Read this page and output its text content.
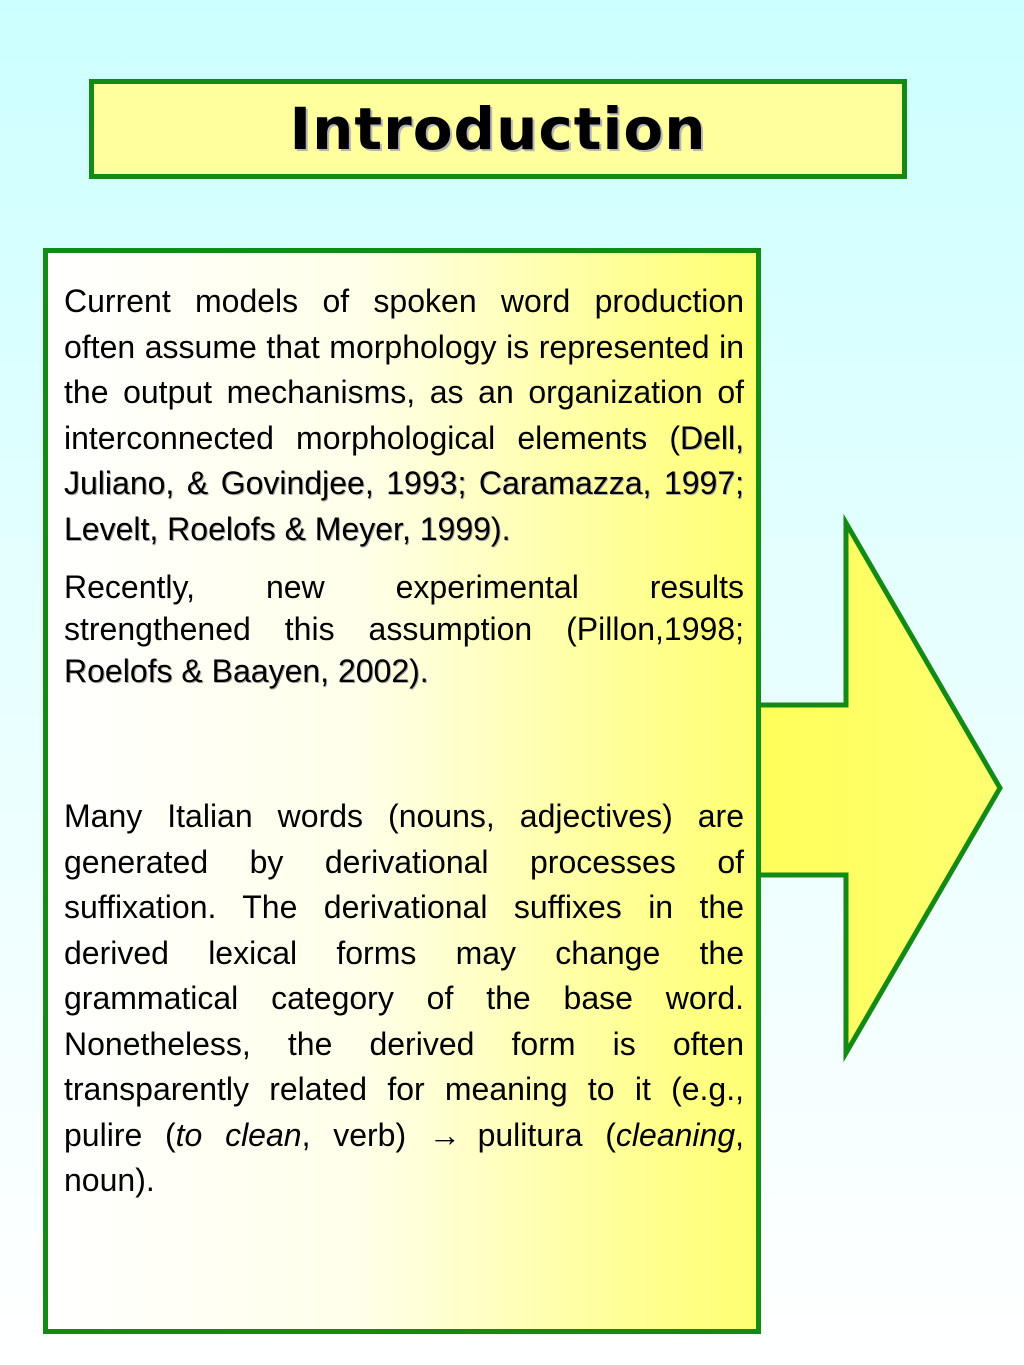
Introduction

Current models of spoken word production often assume that morphology is represented in the output mechanisms, as an organization of interconnected morphological elements (Dell, Juliano, & Govindjee, 1993; Caramazza, 1997; Levelt, Roelofs & Meyer, 1999).

Recently, new experimental results strengthened this assumption (Pillon,1998; Roelofs & Baayen, 2002).

Many Italian words (nouns, adjectives) are generated by derivational processes of suffixation. The derivational suffixes in the derived lexical forms may change the grammatical category of the base word. Nonetheless, the derived form is often transparently related for meaning to it (e.g., pulire (to clean, verb) → pulitura (cleaning, noun).
